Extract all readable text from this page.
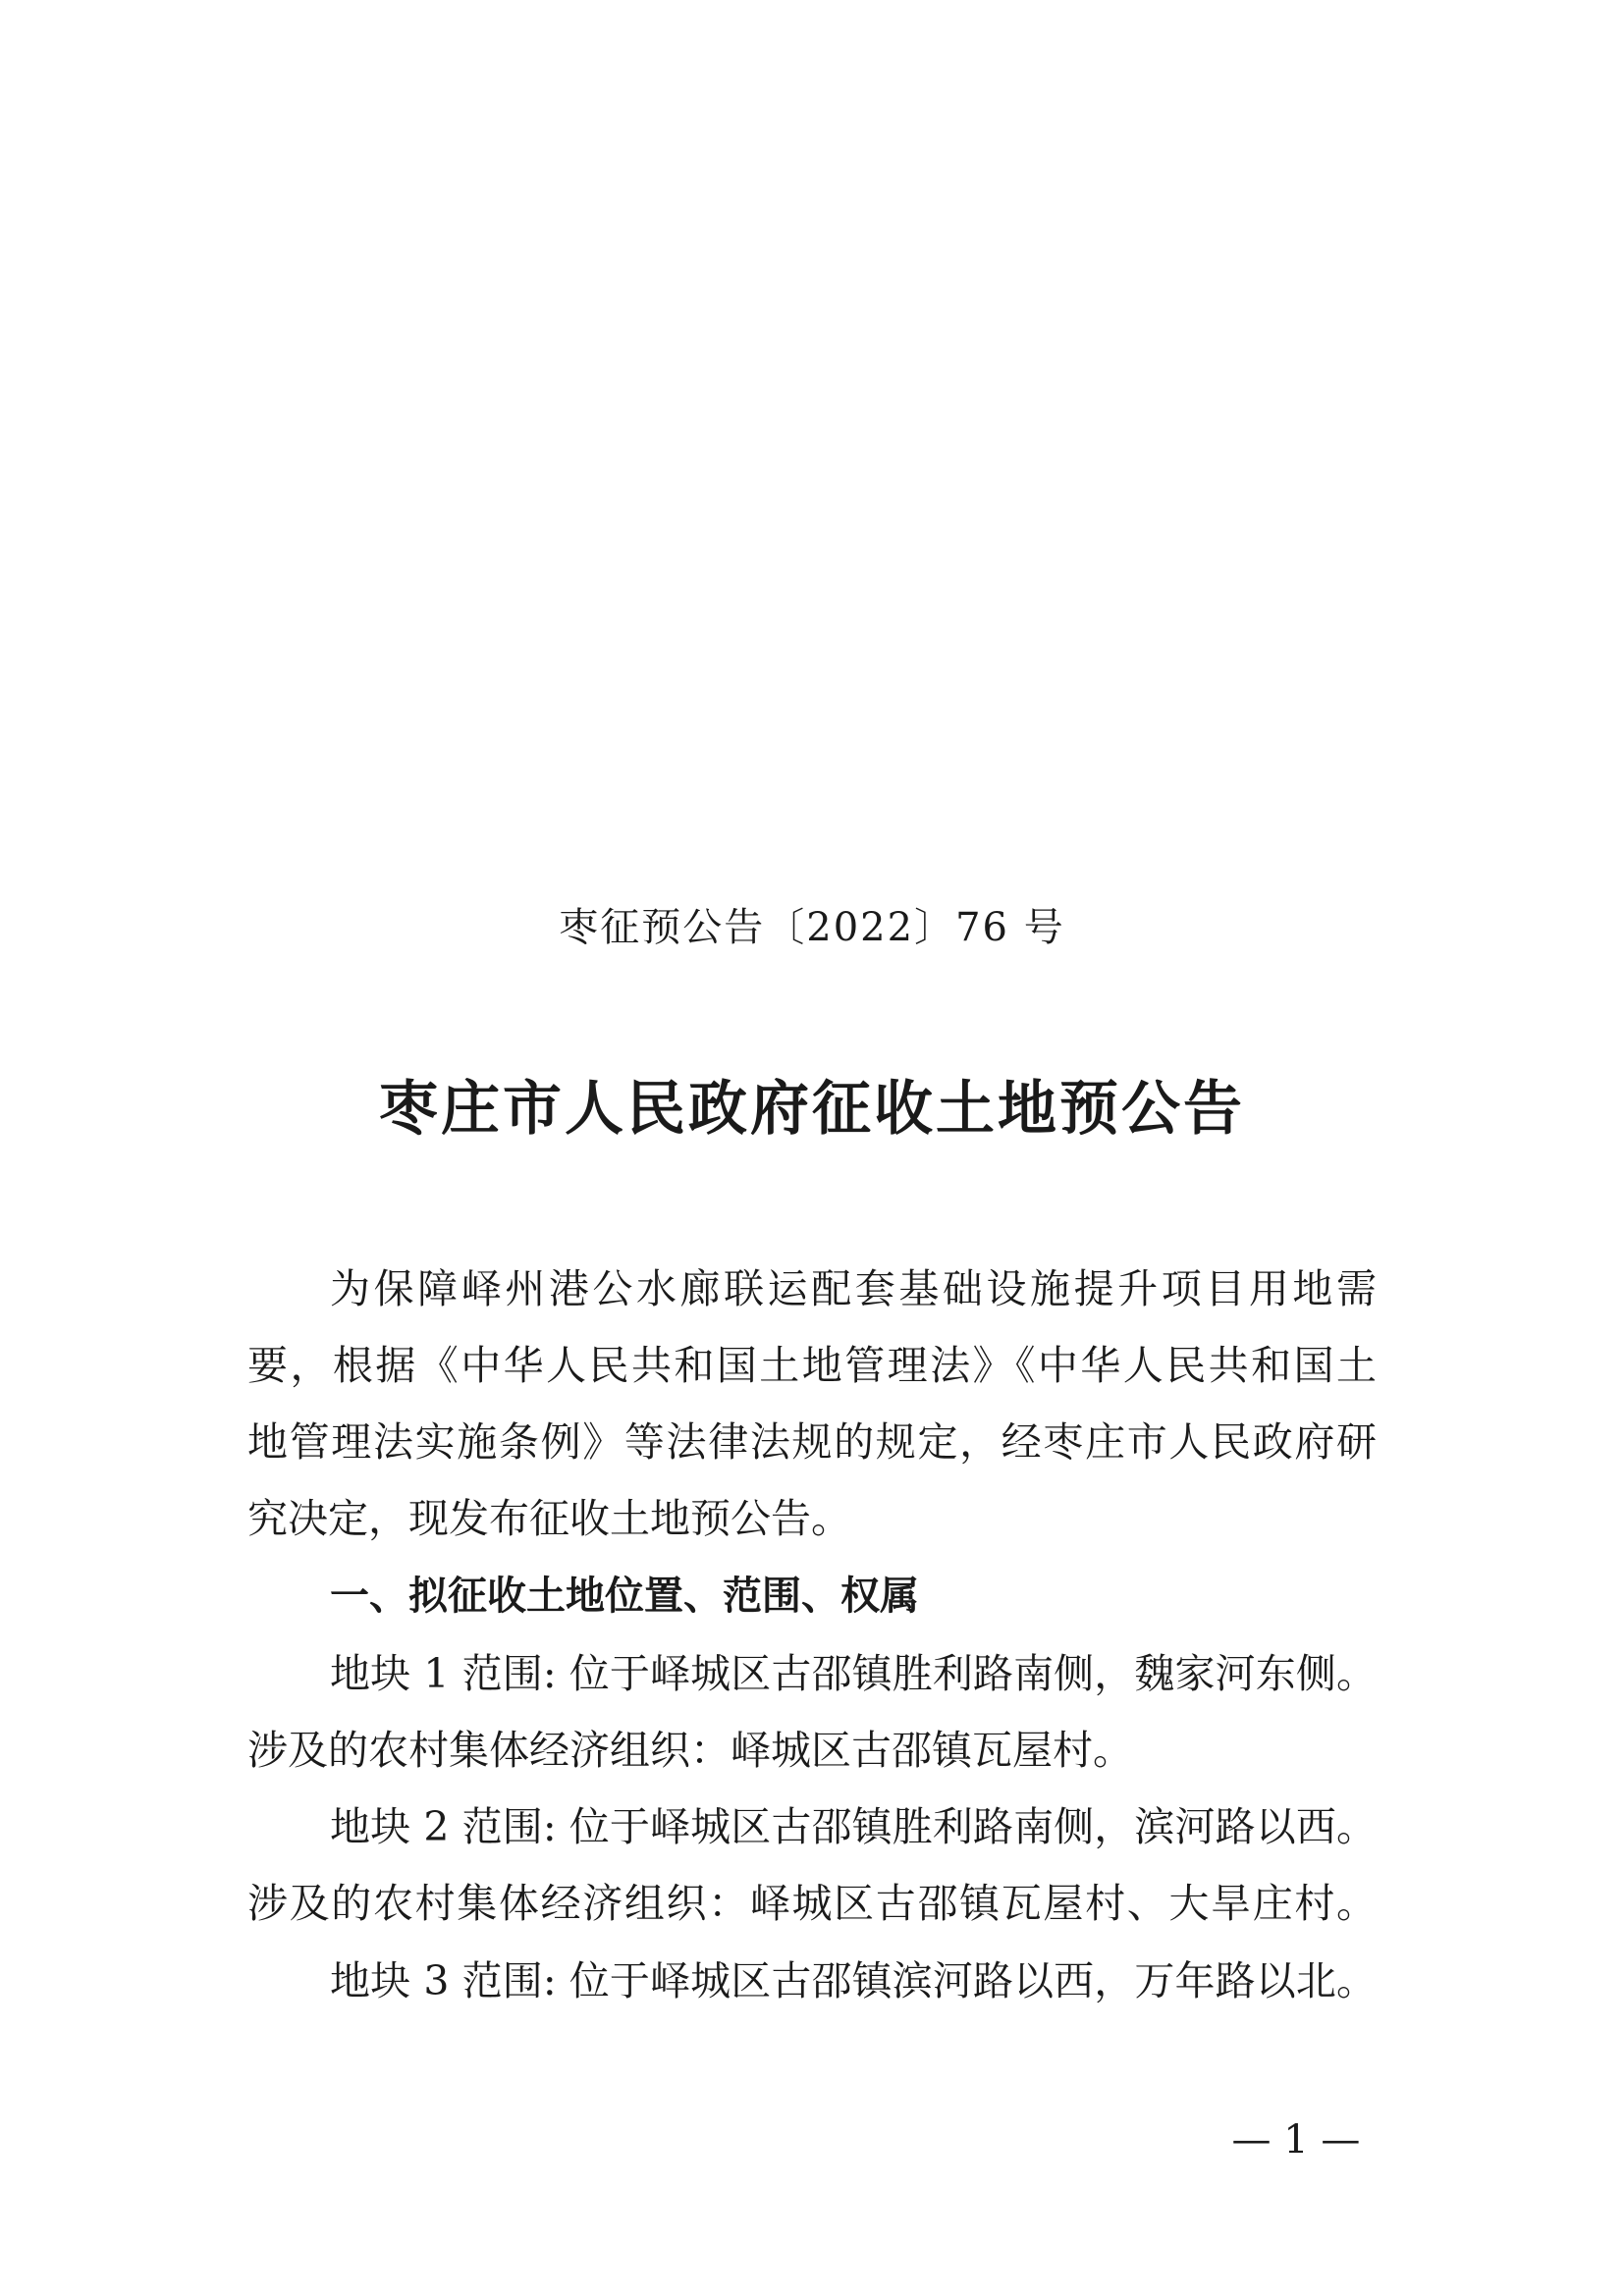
枣征预公告〔2022〕76 号
枣庄市人民政府征收土地预公告
为保障峄州港公水廊联运配套基础设施提升项目用地需
要，根据《中华人民共和国土地管理法》《中华人民共和国土
地管理法实施条例》等法律法规的规定，经枣庄市人民政府研
究决定，现发布征收土地预公告。
一、拟征收土地位置、范围、权属
地块 1 范围: 位于峄城区古邵镇胜利路南侧，魏家河东侧。
涉及的农村集体经济组织：峄城区古邵镇瓦屋村。
地块 2 范围: 位于峄城区古邵镇胜利路南侧，滨河路以西。
涉及的农村集体经济组织：峄城区古邵镇瓦屋村、大旱庄村。
地块 3 范围: 位于峄城区古邵镇滨河路以西，万年路以北。
— 1 —
